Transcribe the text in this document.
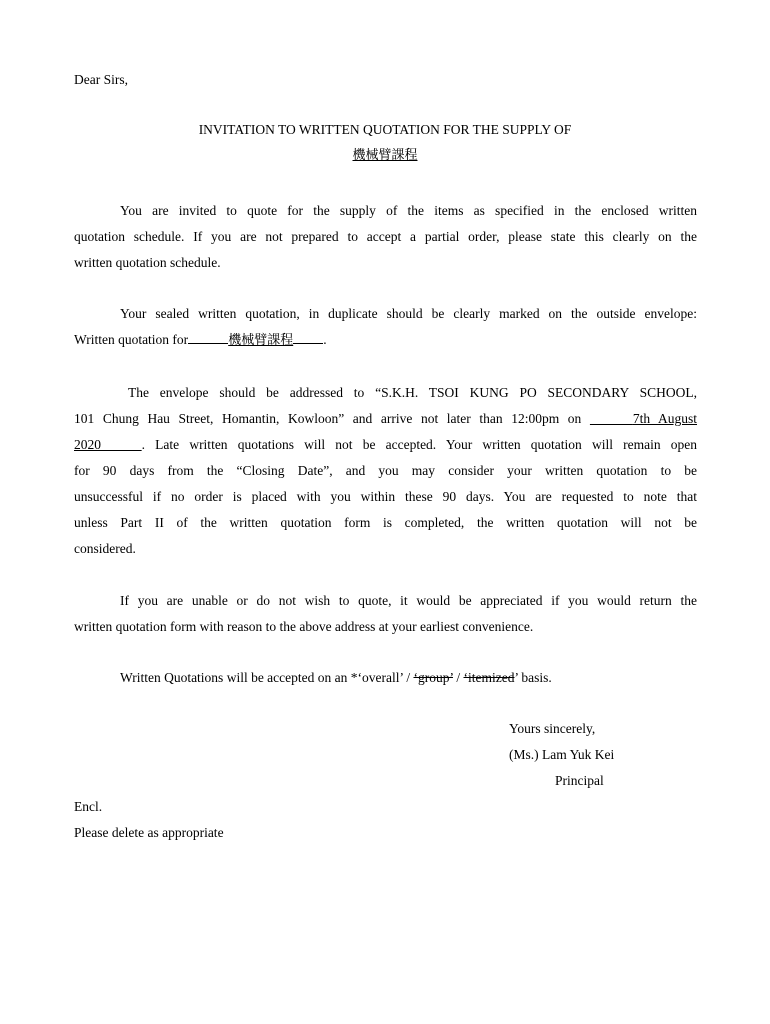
Dear Sirs,
INVITATION TO WRITTEN QUOTATION FOR THE SUPPLY OF
機械臂課程
You are invited to quote for the supply of the items as specified in the enclosed written
quotation schedule. If you are not prepared to accept a partial order, please state this clearly on the
written quotation schedule.
Your sealed written quotation, in duplicate should be clearly marked on the outside envelope:
Written quotation for	機械臂課程 .
The envelope should be addressed to “S.K.H. TSOI KUNG PO SECONDARY SCHOOL,
101 Chung Hau Street, Homantin, Kowloon” and arrive not later than 12:00pm on	7th August
2020	. Late written quotations will not be accepted. Your written quotation will remain open
for 90 days from the “Closing Date”, and you may consider your written quotation to be
unsuccessful if no order is placed with you within these 90 days. You are requested to note that
unless Part II of the written quotation form is completed, the written quotation will not be
considered.
If you are unable or do not wish to quote, it would be appreciated if you would return the
written quotation form with reason to the above address at your earliest convenience.
Written Quotations will be accepted on an *‘overall’ / ‘group’ / ‘itemized’ basis.
Yours sincerely,
(Ms.) Lam Yuk Kei
Principal
Encl.
Please delete as appropriate
